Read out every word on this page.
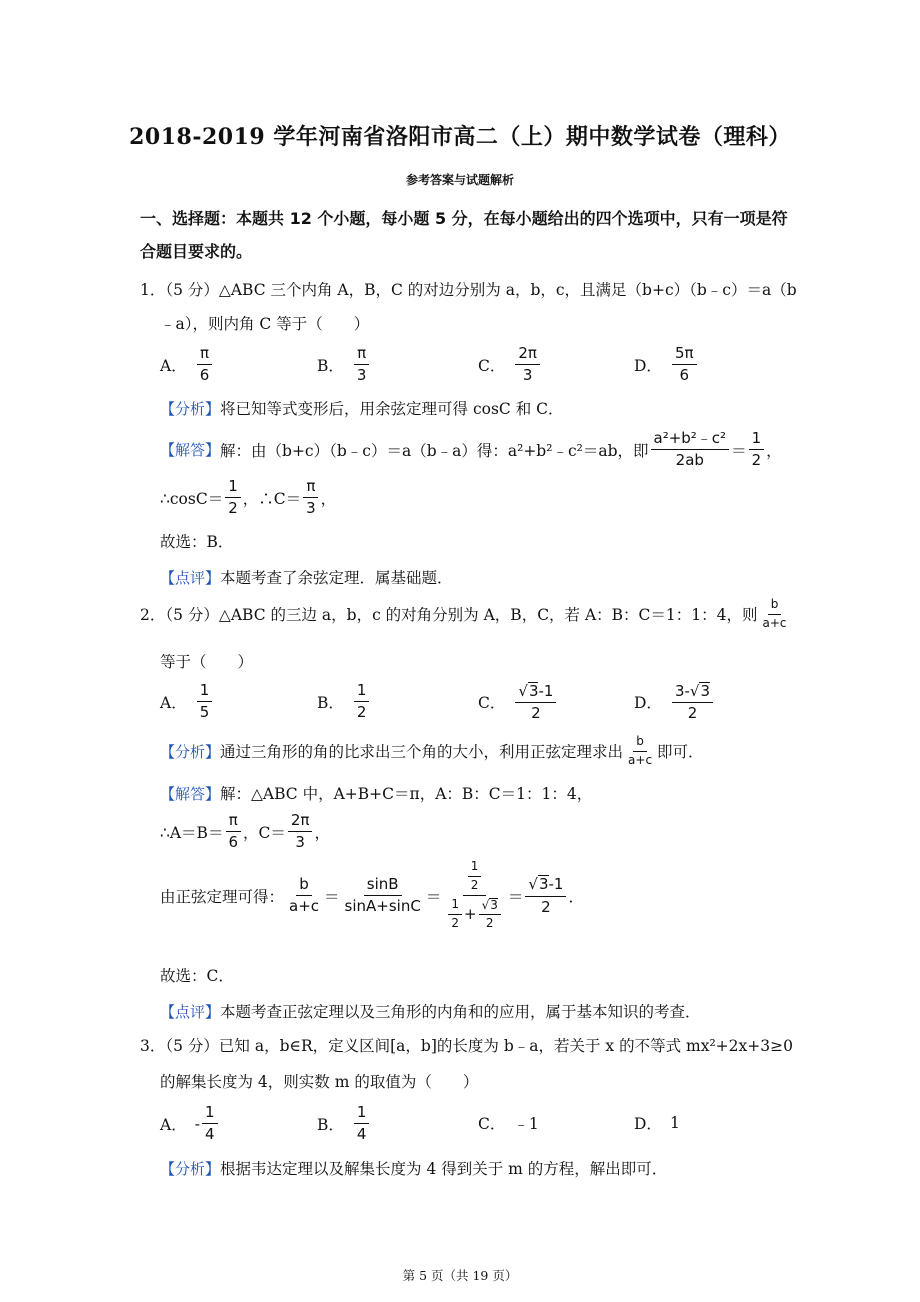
2018-2019 学年河南省洛阳市高二（上）期中数学试卷（理科）
参考答案与试题解析
一、选择题：本题共 12 个小题，每小题 5 分，在每小题给出的四个选项中，只有一项是符
合题目要求的。
1．（5 分）△ABC 三个内角 A，B，C 的对边分别为 a，b，c，且满足（b+c）（b﹣c）＝a（b
﹣a），则内角 C 等于（　　）
A． $\frac{\pi}{6}$	B． $\frac{\pi}{3}$	C． $\frac{2\pi}{3}$	D． $\frac{5\pi}{6}$
【分析】将已知等式变形后，用余弦定理可得 cosC 和 C．
【解答】 解：由（b+c）（b﹣c）＝a（b﹣a）得：a²+b²﹣c²＝ab，即 $\frac{\text{a²+b²﹣c²}}{2ab} = \frac{1}{2}$ ，
∴cosC＝ $\frac{1}{2}$ ，∴C＝ $\frac{\pi}{3}$ ，
故选：B．
【点评】本题考查了余弦定理．属基础题．
2．（5 分）△ABC 的三边 a，b，c 的对角分别为 A，B，C，若 A：B：C＝1：1：4，则 $\frac{b}{a+c}$
等于（　　）
A． $\frac{1}{5}$	B． $\frac{1}{2}$	C． $\frac{√3-1}{2}$	D． $\frac{3-√3}{2}$
【分析】 通过三角形的角的比求出三个角的大小，利用正弦定理求出 $\frac{b}{a+c}$ 即可．
【解答】解：△ABC 中，A+B+C＝π，A：B：C＝1：1：4，
∴A＝B＝ $\frac{\pi}{6}$ ，$C= \frac{2\pi}{3}$ ，
由正弦定理可得： $\frac{b}{a+c} = \frac{\sin B}{\sin A+\sin C} = \frac{\frac{1}{2}}{\frac{1}{2} + \frac{√3}{2}} = \frac{√3-1}{2}$ ．
故选：C．
【点评】本题考查正弦定理以及三角形的内角和的应用，属于基本知识的考查．
3．（5 分）已知 a，b∈R，定义区间[a，b]的长度为 b﹣a，若关于 x 的不等式 mx²+2x+3≥0
的解集长度为 4，则实数 m 的取值为（　　）
A． - $\frac{1}{4}$	B． $\frac{1}{4}$	C． ﹣1	D． 1
【分析】根据韦达定理以及解集长度为 4 得到关于 m 的方程，解出即可．
第 5 页（共 19 页）
